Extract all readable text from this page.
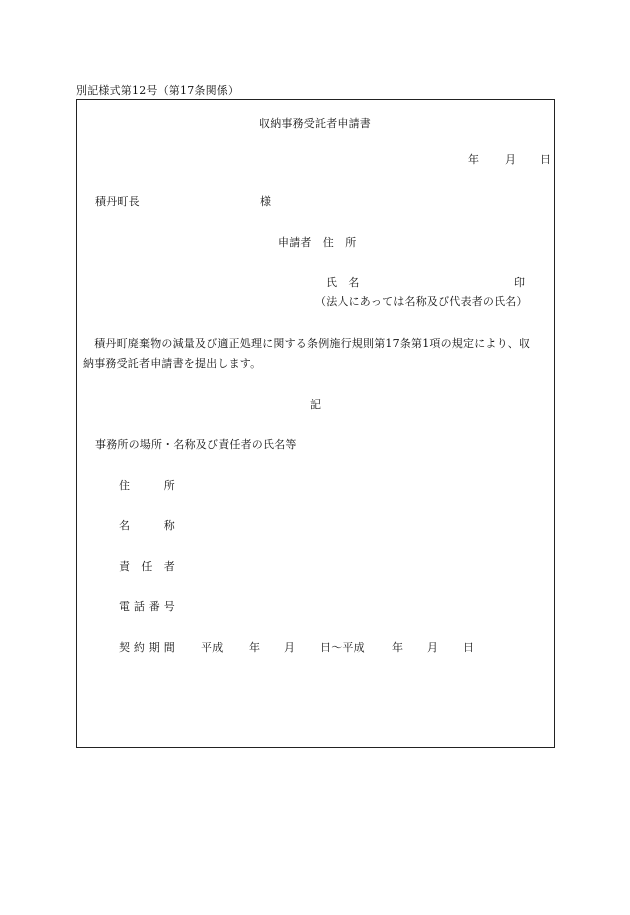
別記様式第12号（第17条関係）
収納事務受託者申請書
年 月 日
積丹町長	様
申請者　住　所
氏　名	印
（法人にあっては名称及び代表者の氏名）
　積丹町廃棄物の減量及び適正処理に関する条例施行規則第17条第1項の規定により、収
納事務受託者申請書を提出します。
記
事務所の場所・名称及び責任者の氏名等
住　　　所
名　　　称
責　任　者
電 話 番 号
契 約 期 間 平成 年 月 日～平成 年 月 日
